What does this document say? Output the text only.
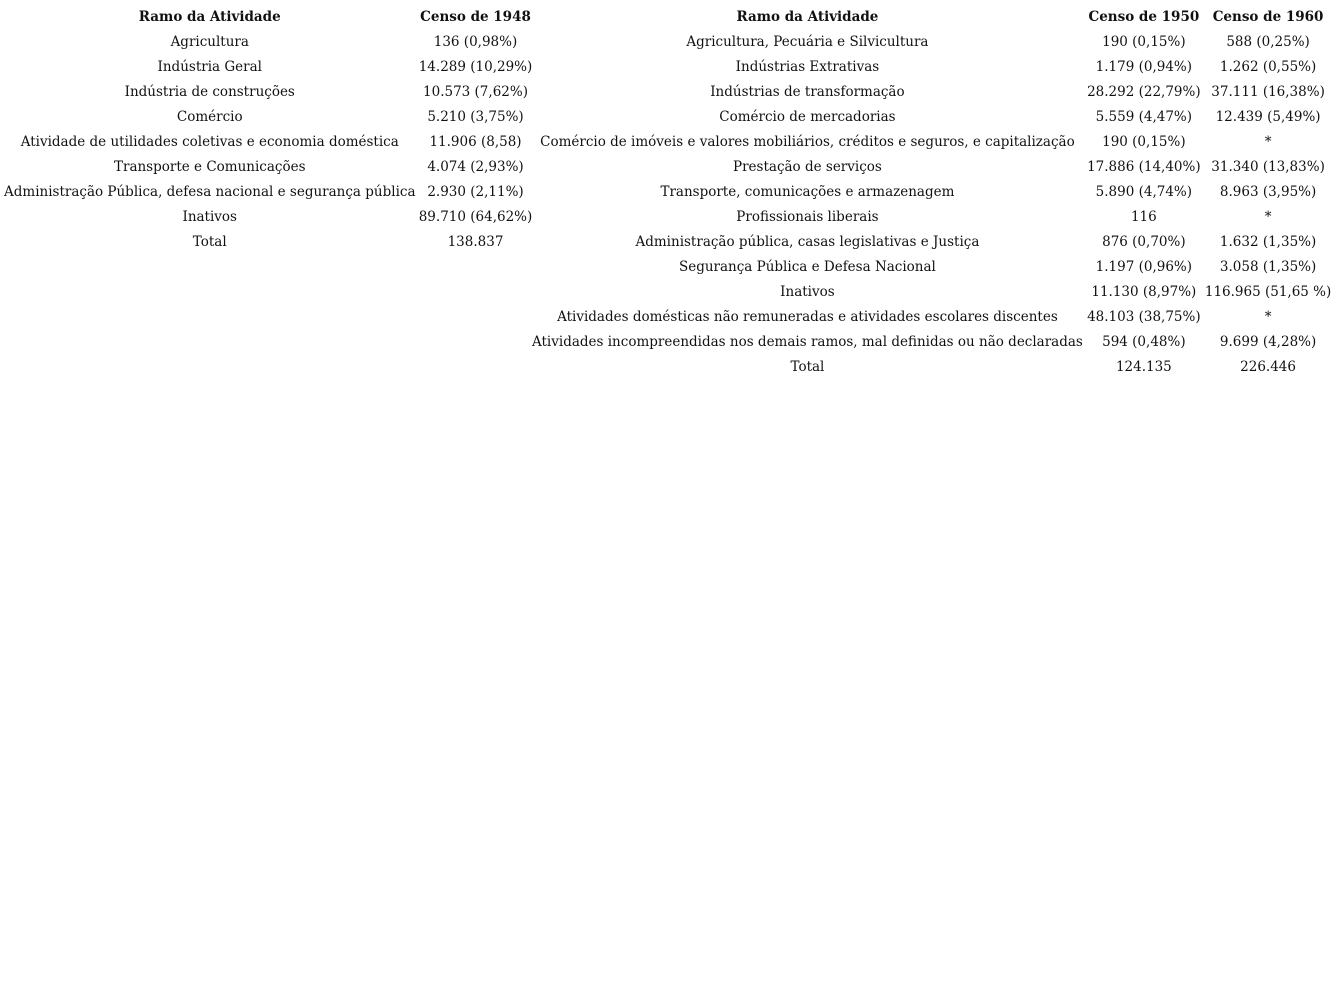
Ramo da Atividade	Censo de 1948
Agricultura	136 (0,98%)
Indústria Geral	14.289 (10,29%)
Indústria de construções	10.573 (7,62%)
Comércio	5.210 (3,75%)

Atividade de utilidades coletivas e economia doméstica	11.906 (8,58)
Transporte e Comunicações	4.074 (2,93%)

Administração Pública, defesa nacional e segurança pública	2.930 (2,11%)

Inativos	89.710 (64,62%)

Total	138.837
Ramo da Atividade	Censo de 1950	Censo de 1960
Agricultura, Pecuária e Silvicultura	190 (0,15%)	588 (0,25%)
Indústrias Extrativas	1.179 (0,94%)	1.262 (0,55%)
Indústrias de transformação	28.292 (22,79%)	37.111 (16,38%)
Comércio de mercadorias	5.559 (4,47%)	12.439 (5,49%)
Comércio de imóveis e valores mobiliários, créditos e seguros, e capitalização	190 (0,15%)	*
Prestação de serviços	17.886 (14,40%)	31.340 (13,83%)
Transporte, comunicações e armazenagem	5.890 (4,74%)	8.963 (3,95%)
Profissionais liberais	116	*
Administração pública, casas legislativas e Justiça	876 (0,70%)	1.632 (1,35%)
Segurança Pública e Defesa Nacional	1.197 (0,96%)	3.058 (1,35%)
Inativos	11.130 (8,97%)	116.965 (51,65 %)
Atividades domésticas não remuneradas e atividades escolares discentes	48.103 (38,75%)	*
Atividades incompreendidas nos demais ramos, mal definidas ou não declaradas	594 (0,48%)	9.699 (4,28%)
Total	124.135	226.446
